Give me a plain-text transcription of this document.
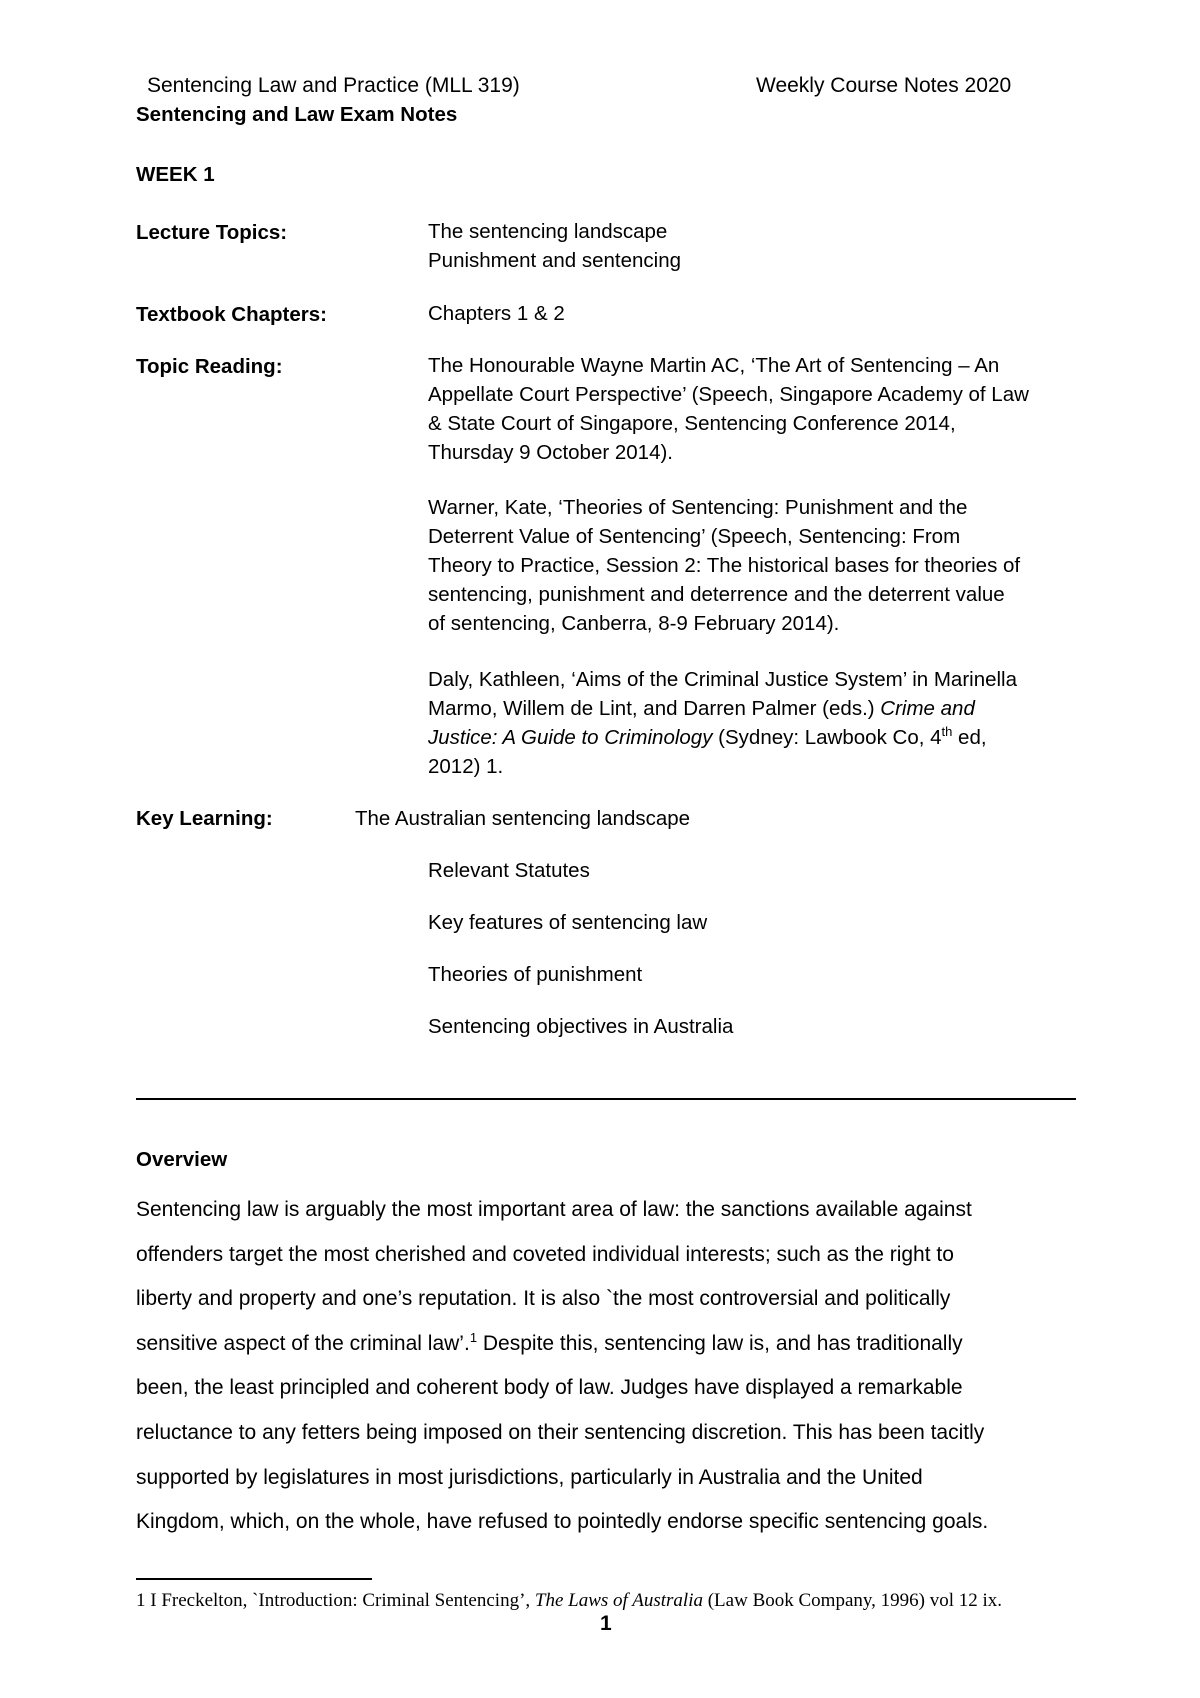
Sentencing Law and Practice (MLL 319)	Weekly Course Notes 2020
Sentencing and Law Exam Notes
WEEK 1
Lecture Topics:	The sentencing landscape
Punishment and sentencing
Textbook Chapters:	Chapters 1 & 2
Topic Reading:	The Honourable Wayne Martin AC, ‘The Art of Sentencing – An
Appellate Court Perspective’ (Speech, Singapore Academy of Law
& State Court of Singapore, Sentencing Conference 2014,
Thursday 9 October 2014).
Warner, Kate, ‘Theories of Sentencing: Punishment and the
Deterrent Value of Sentencing’ (Speech, Sentencing: From
Theory to Practice, Session 2: The historical bases for theories of
sentencing, punishment and deterrence and the deterrent value
of sentencing, Canberra, 8-9 February 2014).
Daly, Kathleen, ‘Aims of the Criminal Justice System’ in Marinella
Marmo, Willem de Lint, and Darren Palmer (eds.) Crime and
Justice: A Guide to Criminology (Sydney: Lawbook Co, 4th ed,
2012) 1.
Key Learning:	The Australian sentencing landscape
Relevant Statutes
Key features of sentencing law
Theories of punishment
Sentencing objectives in Australia
Overview
Sentencing law is arguably the most important area of law: the sanctions available against
offenders target the most cherished and coveted individual interests; such as the right to
liberty and property and one’s reputation. It is also `the most controversial and politically
sensitive aspect of the criminal law’.$^1$ Despite this, sentencing law is, and has traditionally
been, the least principled and coherent body of law. Judges have displayed a remarkable
reluctance to any fetters being imposed on their sentencing discretion. This has been tacitly
supported by legislatures in most jurisdictions, particularly in Australia and the United
Kingdom, which, on the whole, have refused to pointedly endorse specific sentencing goals.
1 I Freckelton, `Introduction: Criminal Sentencing’, The Laws of Australia (Law Book Company, 1996) vol 12 ix.
1
